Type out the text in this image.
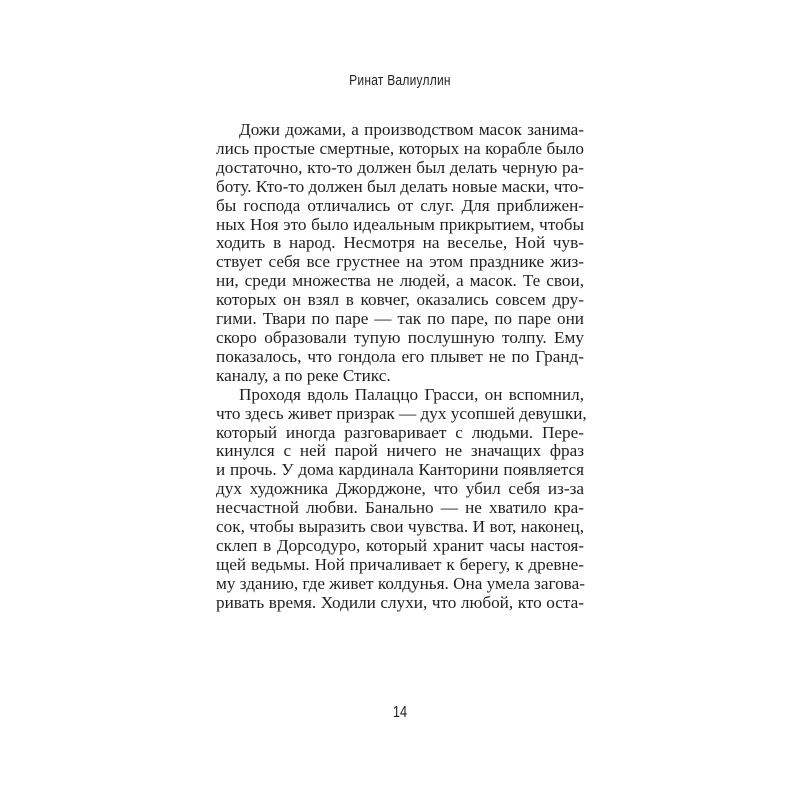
Ринат Валиуллин
Дожи дожами, а производством масок занима-
лись простые смертные, которых на корабле было
достаточно, кто-то должен был делать черную ра-
боту. Кто-то должен был делать новые маски, что-
бы господа отличались от слуг. Для приближен-
ных Ноя это было идеальным прикрытием, чтобы
ходить в народ. Несмотря на веселье, Ной чув-
ствует себя все грустнее на этом празднике жиз-
ни, среди множества не людей, а масок. Те свои,
которых он взял в ковчег, оказались совсем дру-
гими. Твари по паре — так по паре, по паре они
скоро образовали тупую послушную толпу. Ему
показалось, что гондола его плывет не по Гранд-
каналу, а по реке Стикс.
Проходя вдоль Палаццо Грасси, он вспомнил,
что здесь живет призрак — дух усопшей девушки,
который иногда разговаривает с людьми. Пере-
кинулся с ней парой ничего не значащих фраз
и прочь. У дома кардинала Канторини появляется
дух художника Джорджоне, что убил себя из-за
несчастной любви. Банально — не хватило кра-
сок, чтобы выразить свои чувства. И вот, наконец,
склеп в Дорсодуро, который хранит часы настоя-
щей ведьмы. Ной причаливает к берегу, к древне-
му зданию, где живет колдунья. Она умела загова-
ривать время. Ходили слухи, что любой, кто оста-
14
